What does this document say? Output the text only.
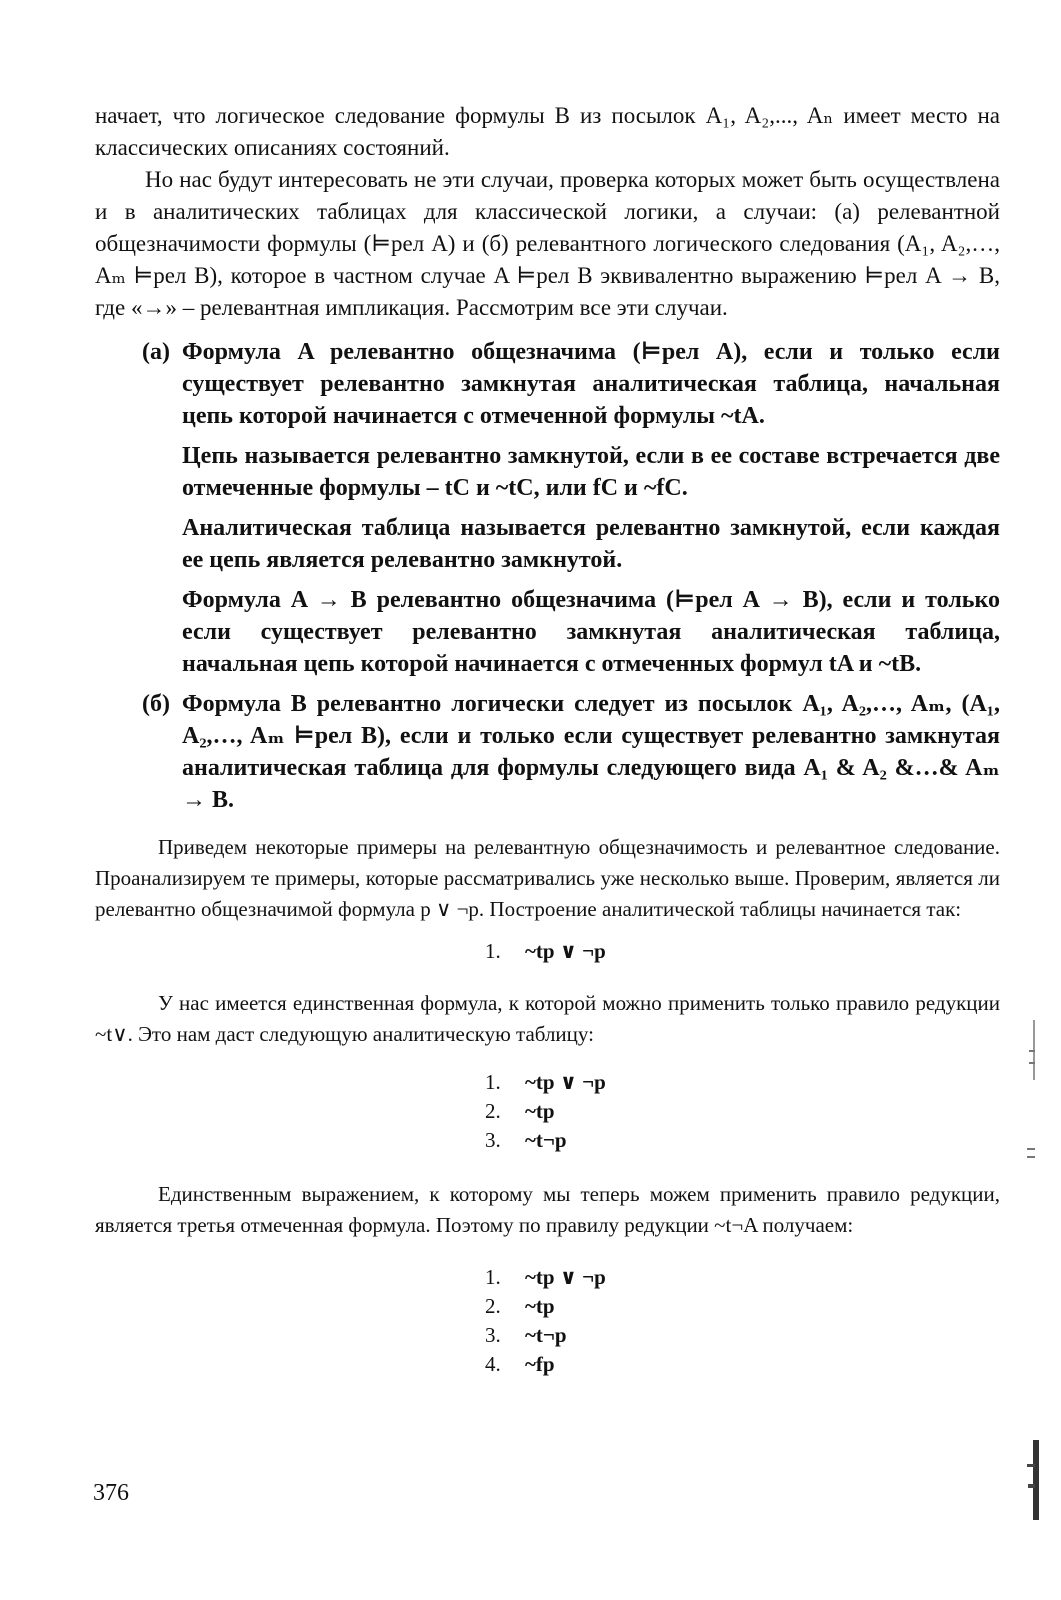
начает, что логическое следование формулы B из посылок A₁, A₂,..., Aₙ имеет место на классических описаниях состояний.

Но нас будут интересовать не эти случаи, проверка которых может быть осуществлена и в аналитических таблицах для классической логики, а случаи: (а) релевантной общезначимости формулы (⊨рел A) и (б) релевантного логического следования (A₁, A₂,…, Aₘ ⊨рел B), которое в частном случае A ⊨рел B эквивалентно выражению ⊨рел A → B, где «→» – релевантная импликация. Рассмотрим все эти случаи.

(а) Формула A релевантно общезначима (⊨рел A), если и только если существует релевантно замкнутая аналитическая таблица, начальная цепь которой начинается с отмеченной формулы ~tA.

Цепь называется релевантно замкнутой, если в ее составе встречается две отмеченные формулы – tC и ~tC, или fC и ~fC.

Аналитическая таблица называется релевантно замкнутой, если каждая ее цепь является релевантно замкнутой.

Формула A → B релевантно общезначима (⊨рел A → B), если и только если существует релевантно замкнутая аналитическая таблица, начальная цепь которой начинается с отмеченных формул tA и ~tB.

(б) Формула B релевантно логически следует из посылок A₁, A₂,…, Aₘ, (A₁, A₂,…, Aₘ ⊨рел B), если и только если существует релевантно замкнутая аналитическая таблица для формулы следующего вида A₁ & A₂ &…& Aₘ → B.

Приведем некоторые примеры на релевантную общезначимость и релевантное следование. Проанализируем те примеры, которые рассматривались уже несколько выше. Проверим, является ли релевантно общезначимой формула p ∨ ¬p. Построение аналитической таблицы начинается так:

1.	~tp ∨ ¬p

У нас имеется единственная формула, к которой можно применить только правило редукции ~t∨. Это нам даст следующую аналитическую таблицу:

1.	~tp ∨ ¬p
2.	~tp
3.	~t¬p

Единственным выражением, к которому мы теперь можем применить правило редукции, является третья отмеченная формула. Поэтому по правилу редукции ~t¬A получаем:

1.	~tp ∨ ¬p
2.	~tp
3.	~t¬p
4.	~fp
376
